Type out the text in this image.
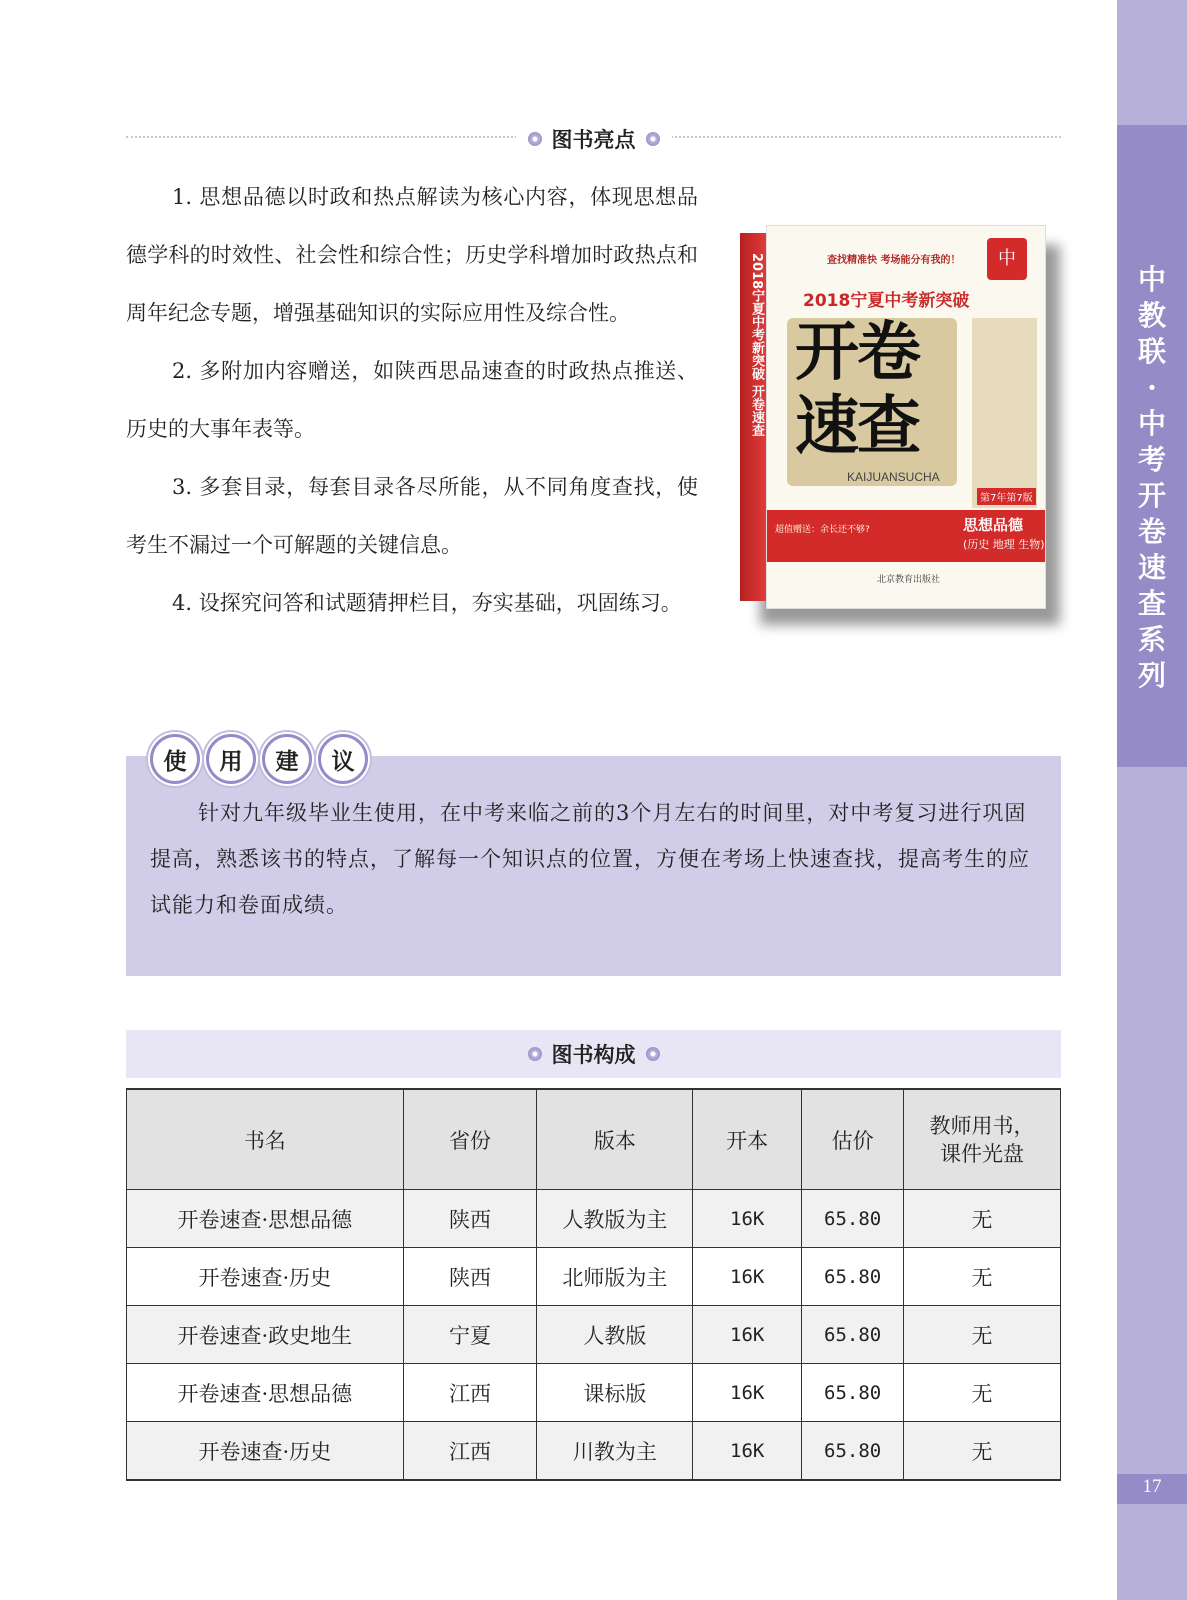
中
教
联
·
中
考
开
卷
速
查
系
列
17
图书亮点

1. 思想品德以时政和热点解读为核心内容，体现思想品德学科的时效性、社会性和综合性；历史学科增加时政热点和周年纪念专题，增强基础知识的实际应用性及综合性。

2. 多附加内容赠送，如陕西思品速查的时政热点推送、历史的大事年表等。

3. 多套目录，每套目录各尽所能，从不同角度查找，使考生不漏过一个可解题的关键信息。

4. 设探究问答和试题猜押栏目，夯实基础，巩固练习。

2018宁夏中考新突破 开卷速查	查找精准快 考场能分有我的！	中
2018宁夏中考新突破
开卷
速查
KAIJUANSUCHA
第7年第7版
超值赠送：余长还不够?	思想品德
(历史 地理 生物)
北京教育出版社
使	用	建	议
针对九年级毕业生使用，在中考来临之前的3个月左右的时间里，对中考复习进行巩固提高，熟悉该书的特点，了解每一个知识点的位置，方便在考场上快速查找，提高考生的应试能力和卷面成绩。
图书构成
书名	省份	版本	开本	估价	教师用书，课件光盘
开卷速查·思想品德	陕西	人教版为主	16K	65.80	无
开卷速查·历史	陕西	北师版为主	16K	65.80	无
开卷速查·政史地生	宁夏	人教版	16K	65.80	无
开卷速查·思想品德	江西	课标版	16K	65.80	无
开卷速查·历史	江西	川教为主	16K	65.80	无
